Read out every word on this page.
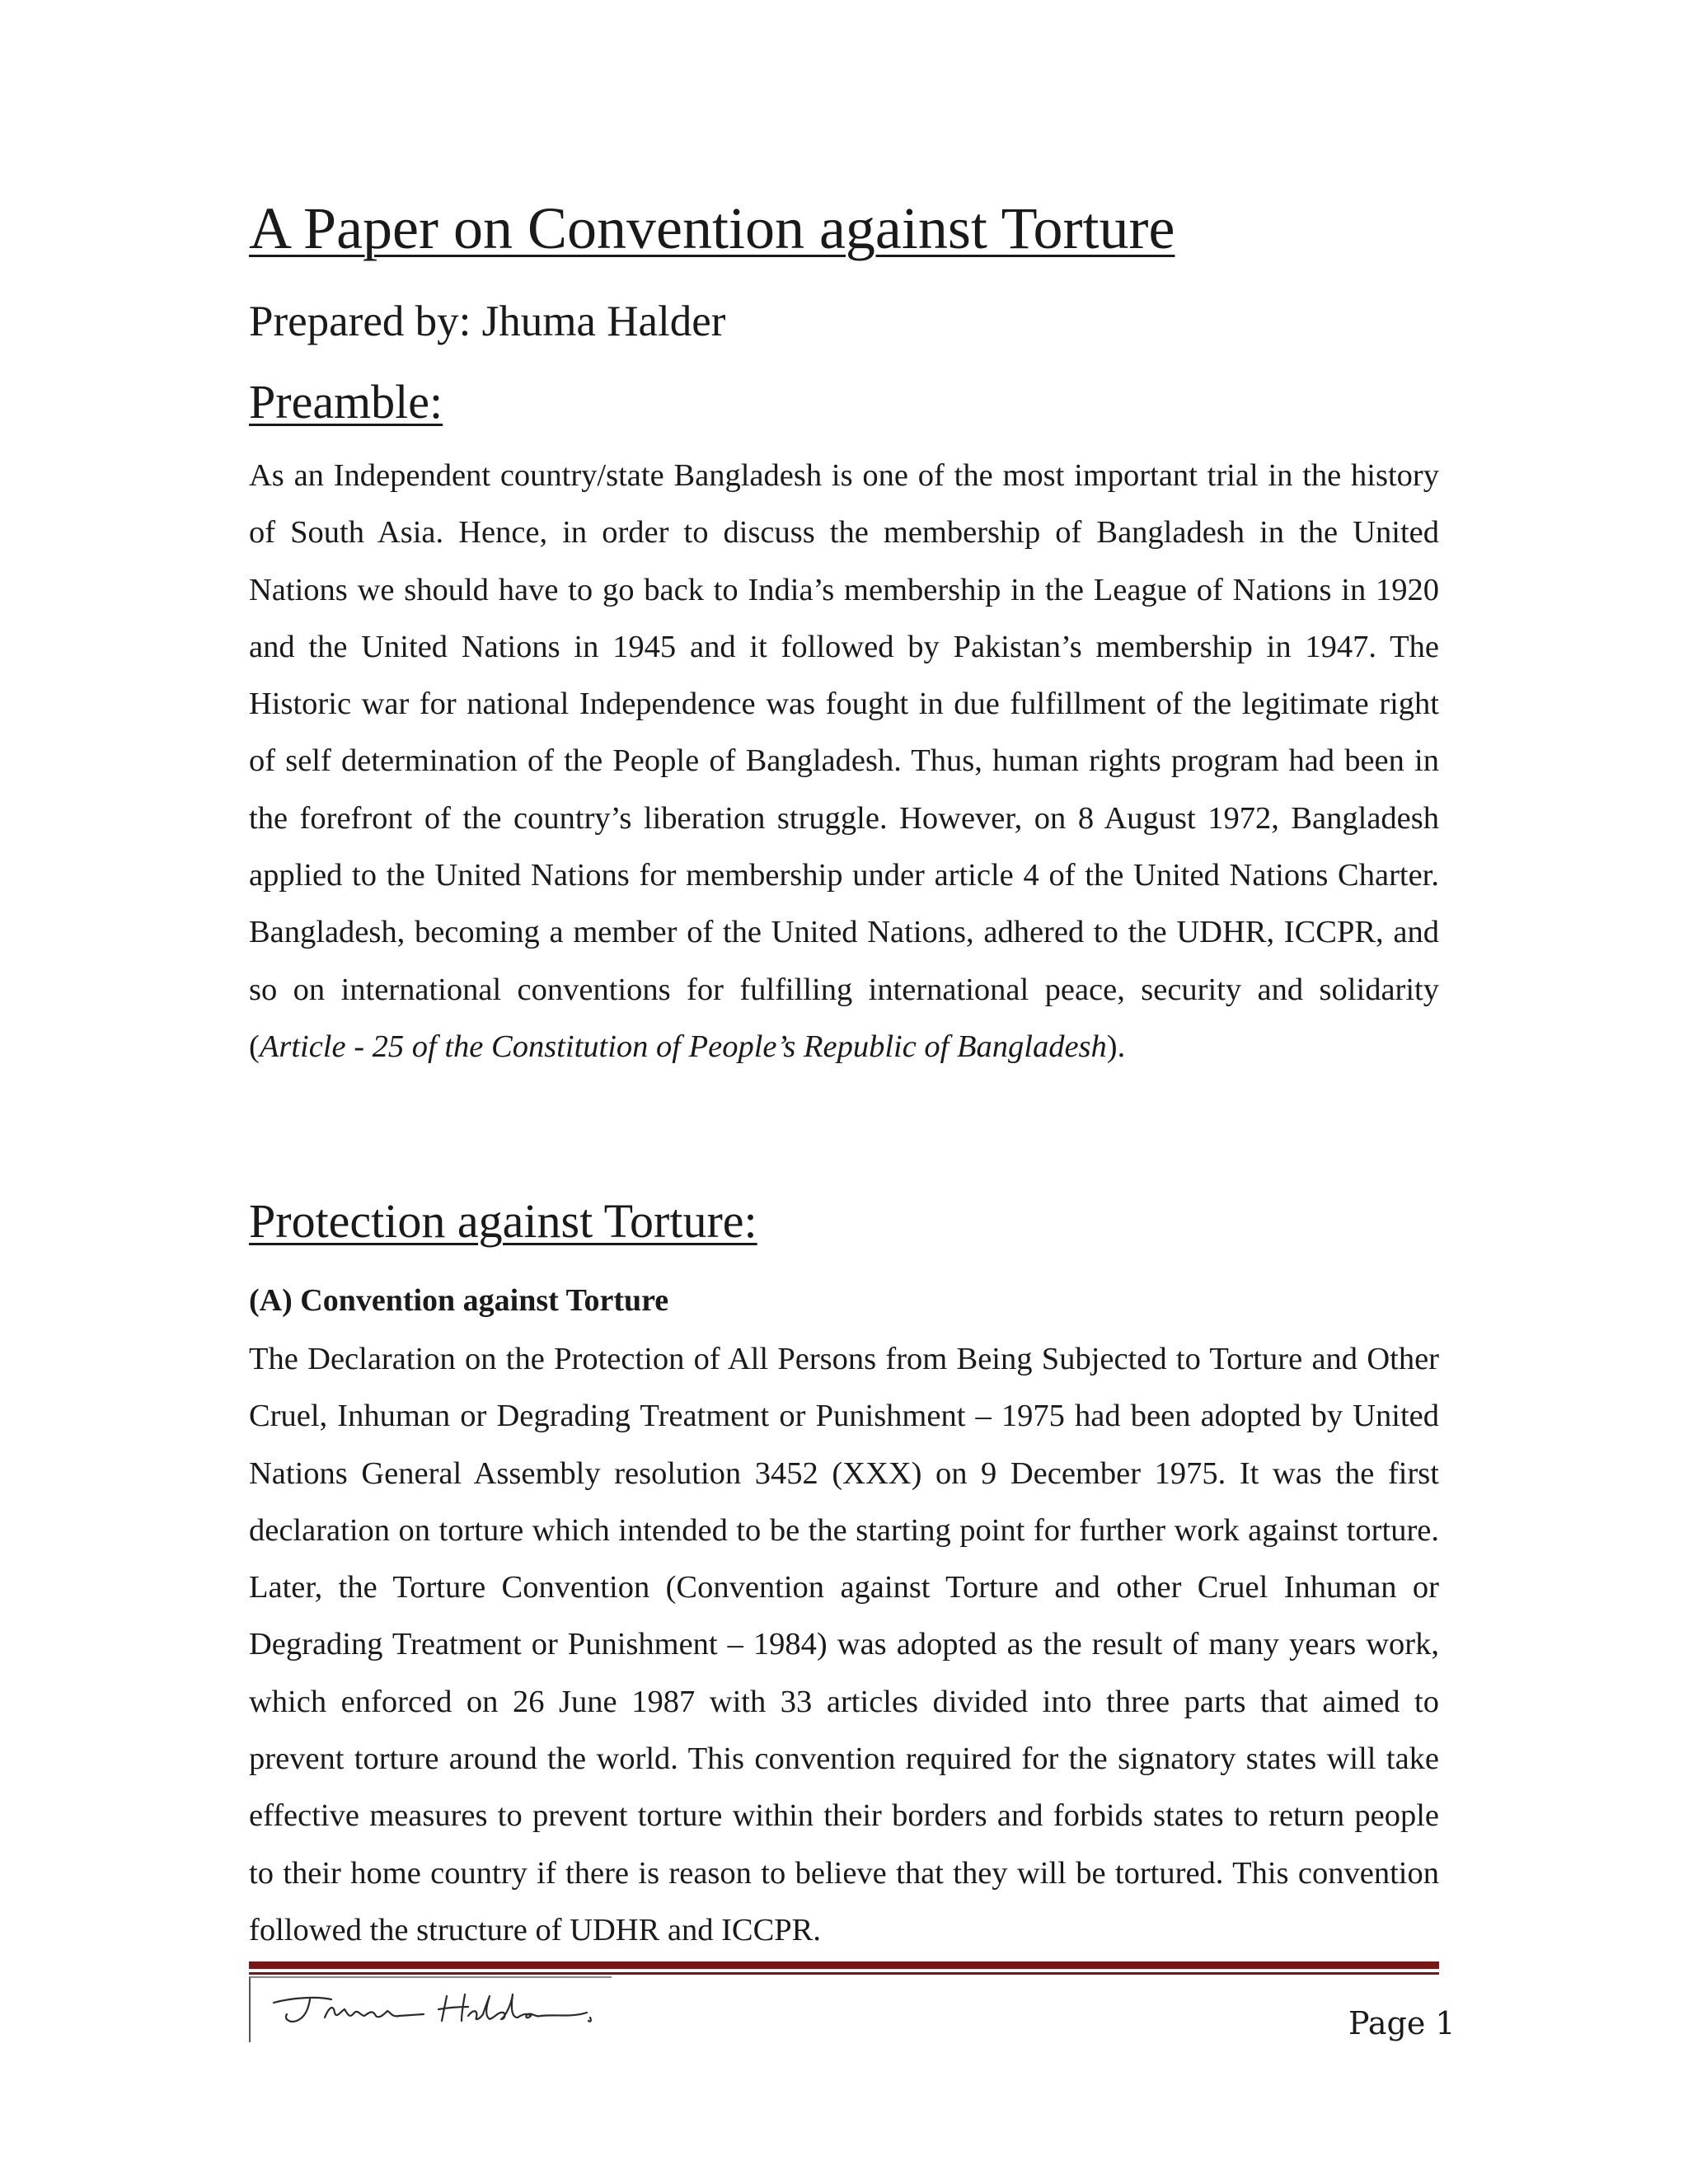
A Paper on Convention against Torture
Prepared by: Jhuma Halder
Preamble:

As an Independent country/state Bangladesh is one of the most important trial in the history of South Asia. Hence, in order to discuss the membership of Bangladesh in the United Nations we should have to go back to India’s membership in the League of Nations in 1920 and the United Nations in 1945 and it followed by Pakistan’s membership in 1947. The Historic war for national Independence was fought in due fulfillment of the legitimate right of self determination of the People of Bangladesh. Thus, human rights program had been in the forefront of the country’s liberation struggle. However, on 8 August 1972, Bangladesh applied to the United Nations for membership under article 4 of the United Nations Charter. Bangladesh, becoming a member of the United Nations, adhered to the UDHR, ICCPR, and so on international conventions for fulfilling international peace, security and solidarity (Article - 25 of the Constitution of People’s Republic of Bangladesh).

Protection against Torture:
(A) Convention against Torture

The Declaration on the Protection of All Persons from Being Subjected to Torture and Other Cruel, Inhuman or Degrading Treatment or Punishment – 1975 had been adopted by United Nations General Assembly resolution 3452 (XXX) on 9 December 1975. It was the first declaration on torture which intended to be the starting point for further work against torture. Later, the Torture Convention (Convention against Torture and other Cruel Inhuman or Degrading Treatment or Punishment – 1984) was adopted as the result of many years work, which enforced on 26 June 1987 with 33 articles divided into three parts that aimed to prevent torture around the world. This convention required for the signatory states will take effective measures to prevent torture within their borders and forbids states to return people to their home country if there is reason to believe that they will be tortured. This convention followed the structure of UDHR and ICCPR.

Page 1
